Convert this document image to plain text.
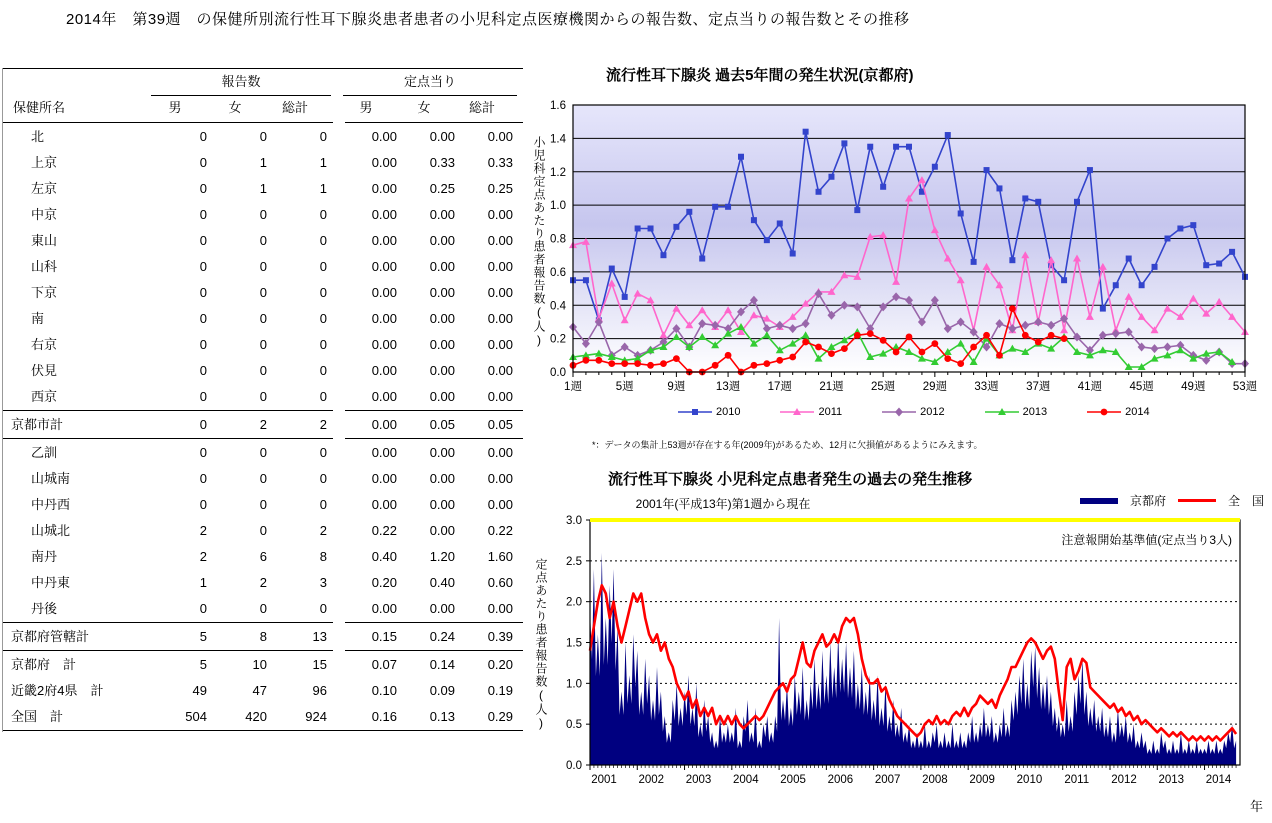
2014年　第39週　の保健所別流行性耳下腺炎患者患者の小児科定点医療機関からの報告数、定点当りの報告数とその推移
報告数	定点当り
保健所名	男	女	総計	男	女	総計
北	0	0	0	0.00	0.00	0.00
上京	0	1	1	0.00	0.33	0.33
左京	0	1	1	0.00	0.25	0.25
中京	0	0	0	0.00	0.00	0.00
東山	0	0	0	0.00	0.00	0.00
山科	0	0	0	0.00	0.00	0.00
下京	0	0	0	0.00	0.00	0.00
南	0	0	0	0.00	0.00	0.00
右京	0	0	0	0.00	0.00	0.00
伏見	0	0	0	0.00	0.00	0.00
西京	0	0	0	0.00	0.00	0.00
京都市計	0	2	2	0.00	0.05	0.05
乙訓	0	0	0	0.00	0.00	0.00
山城南	0	0	0	0.00	0.00	0.00
中丹西	0	0	0	0.00	0.00	0.00
山城北	2	0	2	0.22	0.00	0.22
南丹	2	6	8	0.40	1.20	1.60
中丹東	1	2	3	0.20	0.40	0.60
丹後	0	0	0	0.00	0.00	0.00
京都府管轄計	5	8	13	0.15	0.24	0.39
京都府　計	5	10	15	0.07	0.14	0.20
近畿2府4県　計	49	47	96	0.10	0.09	0.19
全国　計	504	420	924	0.16	0.13	0.29
流行性耳下腺炎 過去5年間の発生状況(京都府)
小児科定点あたり患者報告数(人)
1週	5週	9週	13週 17週 21週 25週 29週 33週 37週 41週 45週 49週 53週
0.0
0.2
0.4
0.6
0.8
1.0
1.2
1.4
1.6
2010	2011	2012	2013	2014
*：データの集計上53週が存在する年(2009年)があるため、12月に欠損値があるようにみえます。
流行性耳下腺炎 小児科定点患者発生の過去の発生推移
2001年(平成13年)第1週から現在	京都府	全　国
定点あたり患者報告数(人)
注意報開始基準値(定点当り3人)
0.0
0.5
1.0
1.5
2.0
2.5
3.0
2001 2002 2003 2004 2005 2006 2007 2008 2009 2010 2011 2012 2013 2014
年
